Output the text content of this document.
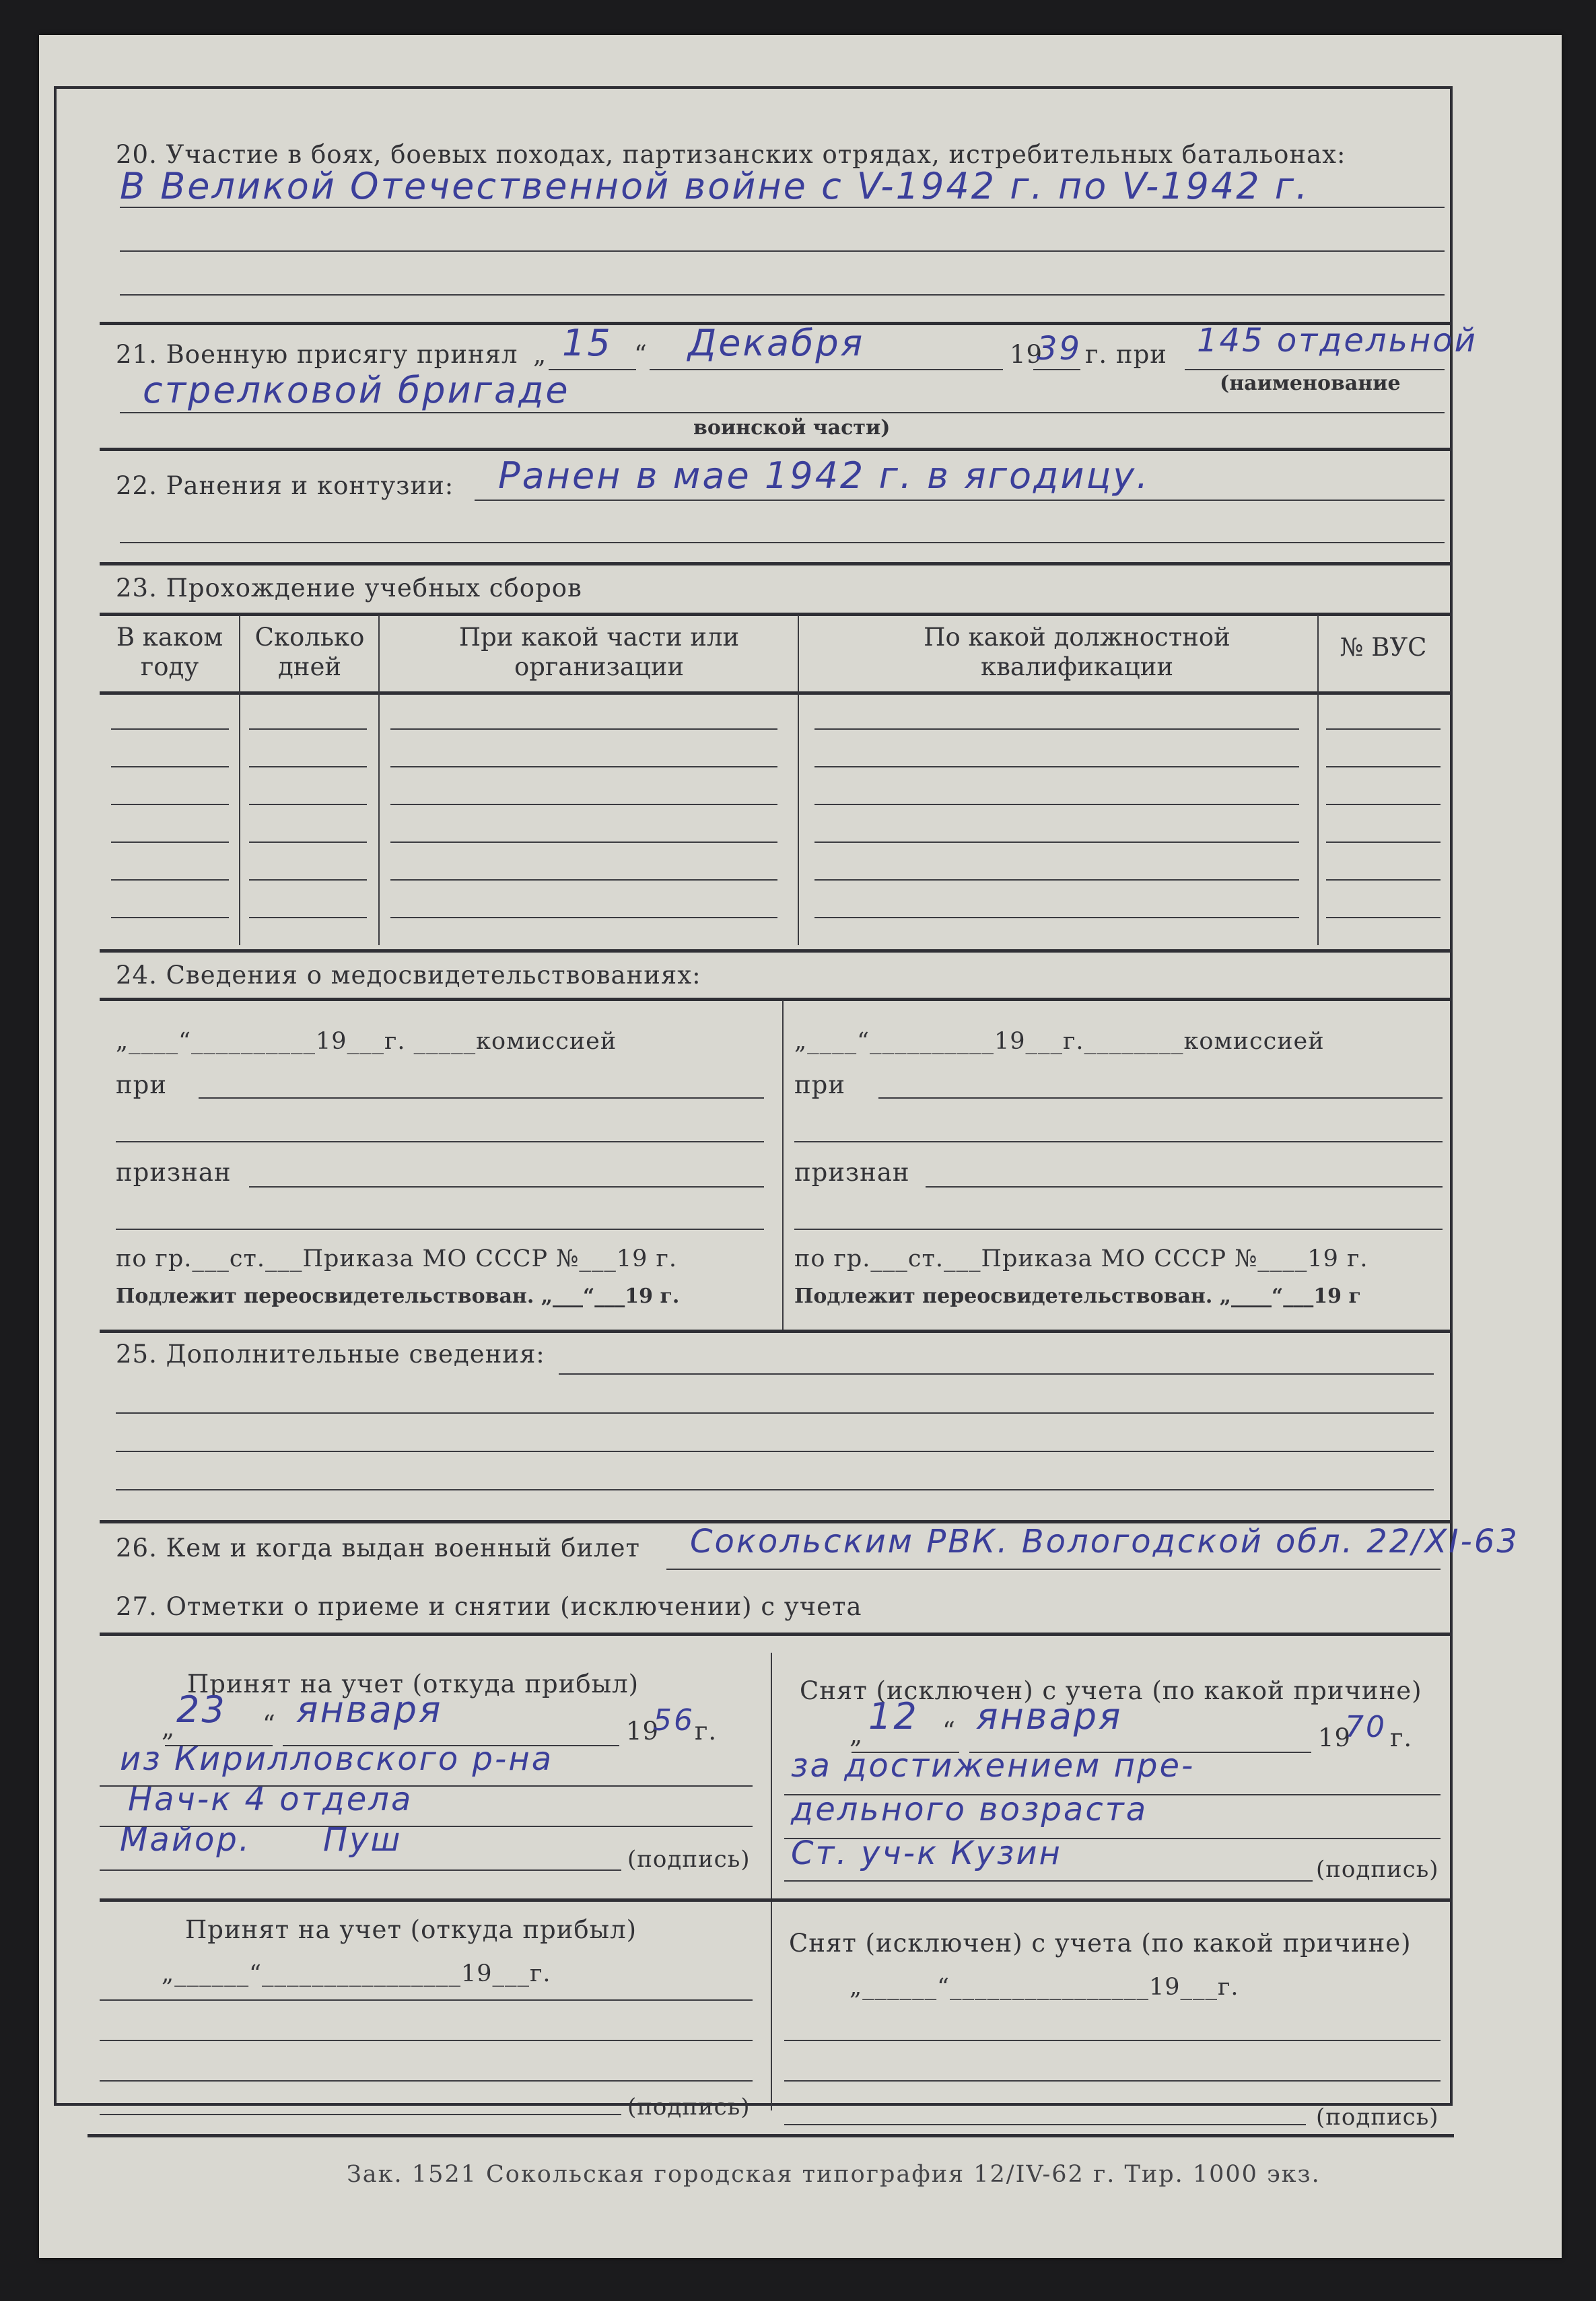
20. Участие в боях, боевых походах, партизанских отрядах, истребительных батальонах:
В Великой Отечественной войне с V-1942 г. по V-1942 г.
21. Военную присягу принял „ 15 “ Декабря	19
39 г. при 145 отдельной
(наименование
стрелковой бригаде
воинской части)
22. Ранения и контузии: Ранен в мае 1942 г. в ягодицу.
23. Прохождение учебных сборов
В каком году
Сколько дней
При какой части или организации
По какой должностной квалификации
№ ВУС
24. Сведения о медосвидетельствованиях:
„____“__________19___г. _____комиссией
при
признан
по гр.___ст.___Приказа МО СССР №___19 г.
Подлежит переосвидетельствован. „___“___19 г.
„____“__________19___г.________комиссией
при
признан
по гр.___ст.___Приказа МО СССР №____19 г.
Подлежит переосвидетельствован. „____“___19 г
25. Дополнительные сведения:
26. Кем и когда выдан военный билет Сокольским РВК. Вологодской обл. 22/XI-63
27. Отметки о приеме и снятии (исключении) с учета
Принят на учет (откуда прибыл)
„ 23 “ января
19
56 г.
из Кирилловского р-на
Нач-к 4 отдела
Майор. Пуш
(подпись)
Снят (исключен) с учета (по какой причине)
„ 12 “ января
19
70 г.
за достижением пре-
дельного возраста
Ст. уч-к Кузин	(подпись)
Принят на учет (откуда прибыл)
„______“________________19___г.
(подпись)
Снят (исключен) с учета (по какой причине)
„______“________________19___г.
(подпись)
Зак. 1521 Сокольская городская типография 12/IV-62 г. Тир. 1000 экз.
